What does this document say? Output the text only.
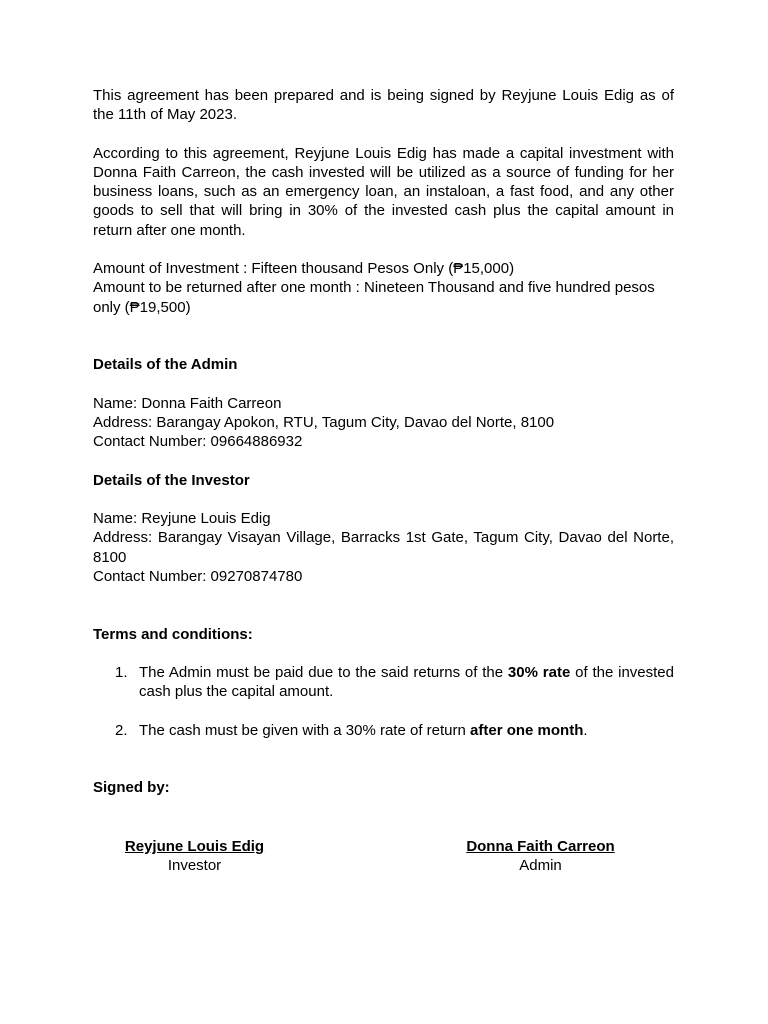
This agreement has been prepared and is being signed by Reyjune Louis Edig as of the 11th of May 2023.

According to this agreement, Reyjune Louis Edig has made a capital investment with Donna Faith Carreon, the cash invested will be utilized as a source of funding for her business loans, such as an emergency loan, an instaloan, a fast food, and any other goods to sell that will bring in 30% of the invested cash plus the capital amount in return after one month.

Amount of Investment : Fifteen thousand Pesos Only (₱15,000)

Amount to be returned after one month : Nineteen Thousand and five hundred pesos only (₱19,500)

Details of the Admin

Name: Donna Faith Carreon

Address: Barangay Apokon, RTU, Tagum City, Davao del Norte, 8100

Contact Number: 09664886932

Details of the Investor

Name: Reyjune Louis Edig

Address: Barangay Visayan Village, Barracks 1st Gate, Tagum City, Davao del Norte, 8100

Contact Number: 09270874780

Terms and conditions:

1. The Admin must be paid due to the said returns of the 30% rate of the invested cash plus the capital amount.
2. The cash must be given with a 30% rate of return after one month.

Signed by:

Reyjune Louis Edig
Investor
Donna Faith Carreon
Admin
